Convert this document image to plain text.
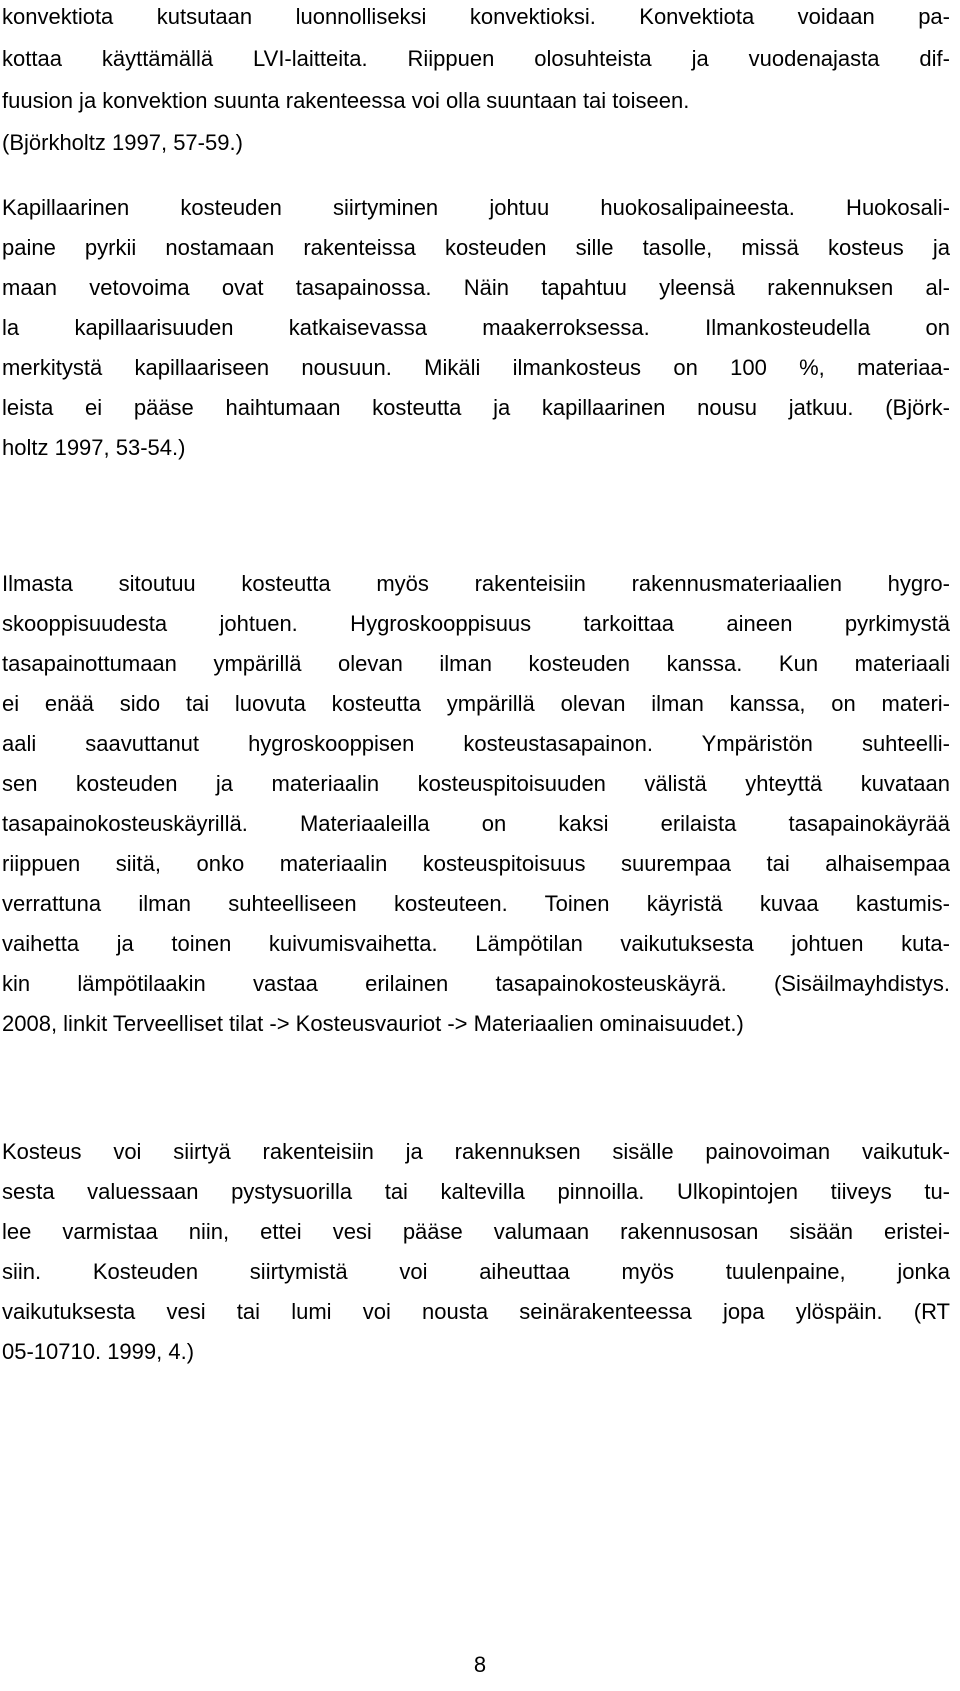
konvektiota kutsutaan luonnolliseksi konvektioksi. Konvektiota voidaan pa-
kottaa käyttämällä LVI-laitteita. Riippuen olosuhteista ja vuodenajasta dif-
fuusion ja konvektion suunta rakenteessa voi olla suuntaan tai toiseen.
(Björkholtz 1997, 57-59.)
Kapillaarinen kosteuden siirtyminen johtuu huokosalipaineesta. Huokosali-
paine pyrkii nostamaan rakenteissa kosteuden sille tasolle, missä kosteus ja
maan vetovoima ovat tasapainossa. Näin tapahtuu yleensä rakennuksen al-
la kapillaarisuuden katkaisevassa maakerroksessa. Ilmankosteudella on
merkitystä kapillaariseen nousuun. Mikäli ilmankosteus on 100 %, materiaa-
leista ei pääse haihtumaan kosteutta ja kapillaarinen nousu jatkuu. (Björk-
holtz 1997, 53-54.)
Ilmasta sitoutuu kosteutta myös rakenteisiin rakennusmateriaalien hygro-
skooppisuudesta johtuen. Hygroskooppisuus tarkoittaa aineen pyrkimystä
tasapainottumaan ympärillä olevan ilman kosteuden kanssa. Kun materiaali
ei enää sido tai luovuta kosteutta ympärillä olevan ilman kanssa, on materi-
aali saavuttanut hygroskooppisen kosteustasapainon. Ympäristön suhteelli-
sen kosteuden ja materiaalin kosteuspitoisuuden välistä yhteyttä kuvataan
tasapainokosteuskäyrillä. Materiaaleilla on kaksi erilaista tasapainokäyrää
riippuen siitä, onko materiaalin kosteuspitoisuus suurempaa tai alhaisempaa
verrattuna ilman suhteelliseen kosteuteen. Toinen käyristä kuvaa kastumis-
vaihetta ja toinen kuivumisvaihetta. Lämpötilan vaikutuksesta johtuen kuta-
kin lämpötilaakin vastaa erilainen tasapainokosteuskäyrä. (Sisäilmayhdistys.
2008, linkit Terveelliset tilat -> Kosteusvauriot -> Materiaalien ominaisuudet.)
Kosteus voi siirtyä rakenteisiin ja rakennuksen sisälle painovoiman vaikutuk-
sesta valuessaan pystysuorilla tai kaltevilla pinnoilla. Ulkopintojen tiiveys tu-
lee varmistaa niin, ettei vesi pääse valumaan rakennusosan sisään eristei-
siin. Kosteuden siirtymistä voi aiheuttaa myös tuulenpaine, jonka
vaikutuksesta vesi tai lumi voi nousta seinärakenteessa jopa ylöspäin. (RT
05-10710. 1999, 4.)
8
